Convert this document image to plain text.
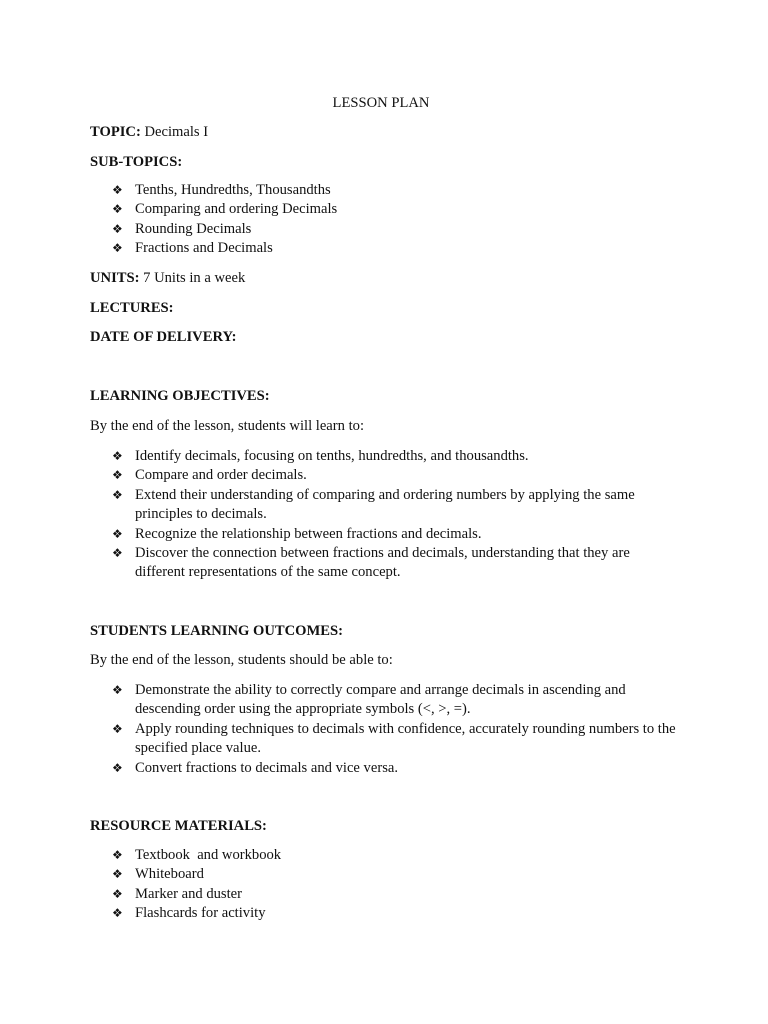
LESSON PLAN
TOPIC: Decimals I
SUB-TOPICS:
❖ Tenths, Hundredths, Thousandths
❖ Comparing and ordering Decimals
❖ Rounding Decimals
❖ Fractions and Decimals
UNITS: 7 Units in a week
LECTURES:
DATE OF DELIVERY:
LEARNING OBJECTIVES:
By the end of the lesson, students will learn to:
❖ Identify decimals, focusing on tenths, hundredths, and thousandths.
❖ Compare and order decimals.
❖ Extend their understanding of comparing and ordering numbers by applying the same principles to decimals.
❖ Recognize the relationship between fractions and decimals.
❖ Discover the connection between fractions and decimals, understanding that they are different representations of the same concept.
STUDENTS LEARNING OUTCOMES:
By the end of the lesson, students should be able to:
❖ Demonstrate the ability to correctly compare and arrange decimals in ascending and descending order using the appropriate symbols (<, >, =).
❖ Apply rounding techniques to decimals with confidence, accurately rounding numbers to the specified place value.
❖ Convert fractions to decimals and vice versa.
RESOURCE MATERIALS:
❖ Textbook  and workbook
❖ Whiteboard
❖ Marker and duster
❖ Flashcards for activity
